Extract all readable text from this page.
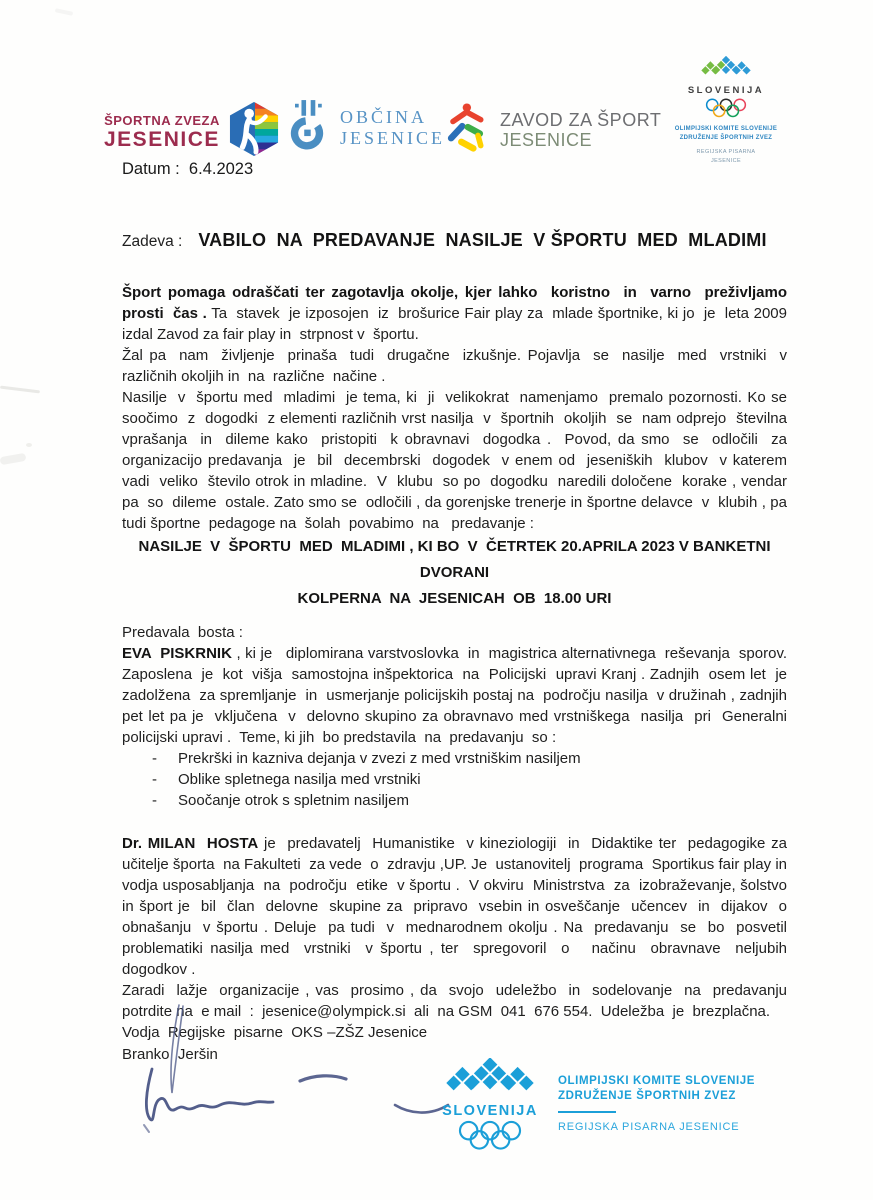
ŠPORTNA ZVEZA
JESENICE
OBČINA
JESENICE
ZAVOD ZA ŠPORT
JESENICE
SLOVENIJA
OLIMPIJSKI KOMITE SLOVENIJE
ZDRUŽENJE ŠPORTNIH ZVEZ
REGIJSKA PISARNA
JESENICE
Datum :  6.4.2023
Zadeva : VABILO  NA  PREDAVANJE  NASILJE  V ŠPORTU  MED  MLADIMI

Šport pomaga odraščati ter zagotavlja okolje, kjer lahko  koristno  in  varno  preživljamo prosti  čas . Ta  stavek  je izposojen  iz  brošurice Fair play za  mlade športnike, ki jo  je  leta 2009 izdal Zavod za fair play in  strpnost v  športu.

Žal pa  nam  življenje  prinaša  tudi  drugačne  izkušnje. Pojavlja  se  nasilje  med  vrstniki  v različnih okoljih in  na  različne  načine .

Nasilje  v  športu med  mladimi  je tema, ki  ji  velikokrat  namenjamo  premalo pozornosti. Ko se soočimo  z  dogodki  z elementi različnih vrst nasilja  v  športnih  okoljih  se  nam odprejo  številna vprašanja  in  dileme kako  pristopiti  k obravnavi  dogodka .  Povod, da smo  se  odločili  za  organizacijo predavanja  je  bil  decembrski  dogodek  v enem od  jeseniških  klubov  v katerem  vadi  veliko  število otrok in mladine.  V  klubu  so po  dogodku  naredili določene  korake , vendar  pa  so  dileme  ostale. Zato smo se  odločili , da gorenjske trenerje in športne delavce  v  klubih , pa  tudi športne  pedagoge na  šolah  povabimo  na   predavanje :

NASILJE  V  ŠPORTU  MED  MLADIMI , KI BO  V  ČETRTEK 20.APRILA 2023 V BANKETNI  DVORANI
KOLPERNA  NA  JESENICAH  OB  18.00 URI

Predavala  bosta :

EVA  PISKRNIK , ki je   diplomirana varstvoslovka  in  magistrica alternativnega  reševanja  sporov. Zaposlena  je  kot  višja  samostojna inšpektorica  na  Policijski  upravi Kranj . Zadnjih  osem let  je zadolžena  za spremljanje  in  usmerjanje policijskih postaj na  področju nasilja  v družinah , zadnjih pet let pa je  vključena  v  delovno skupino za obravnavo med vrstniškega  nasilja  pri  Generalni policijski upravi .  Teme, ki jih  bo predstavila  na  predavanju  so :

-	Prekrški in kazniva dejanja v zvezi z med vrstniškim nasiljem
-	Oblike spletnega nasilja med vrstniki
-	Soočanje otrok s spletnim nasiljem

Dr. MILAN  HOSTA je  predavatelj  Humanistike  v kineziologiji  in  Didaktike ter  pedagogike za  učitelje športa  na Fakulteti  za vede  o  zdravju ,UP. Je  ustanovitelj  programa  Sportikus fair play in  vodja usposabljanja  na  področju  etike  v športu .  V okviru  Ministrstva  za  izobraževanje, šolstvo in šport je  bil  član  delovne  skupine za  pripravo  vsebin in osveščanje  učencev  in  dijakov  o obnašanju  v športu . Deluje  pa tudi  v  mednarodnem okolju . Na  predavanju  se  bo  posvetil  problematiki nasilja med  vrstniki  v športu , ter  spregovoril  o   načinu  obravnave  neljubih  dogodkov .

Zaradi  lažje  organizacije , vas  prosimo , da  svojo  udeležbo  in  sodelovanje  na  predavanju  potrdite na  e mail  :  jesenice@olympick.si  ali  na GSM  041  676 554.  Udeležba  je  brezplačna.

Vodja  Regijske  pisarne  OKS –ZŠZ Jesenice
Branko  Jeršin
SLOVENIJA
OLIMPIJSKI KOMITE SLOVENIJE
ZDRUŽENJE ŠPORTNIH ZVEZ
REGIJSKA PISARNA JESENICE
